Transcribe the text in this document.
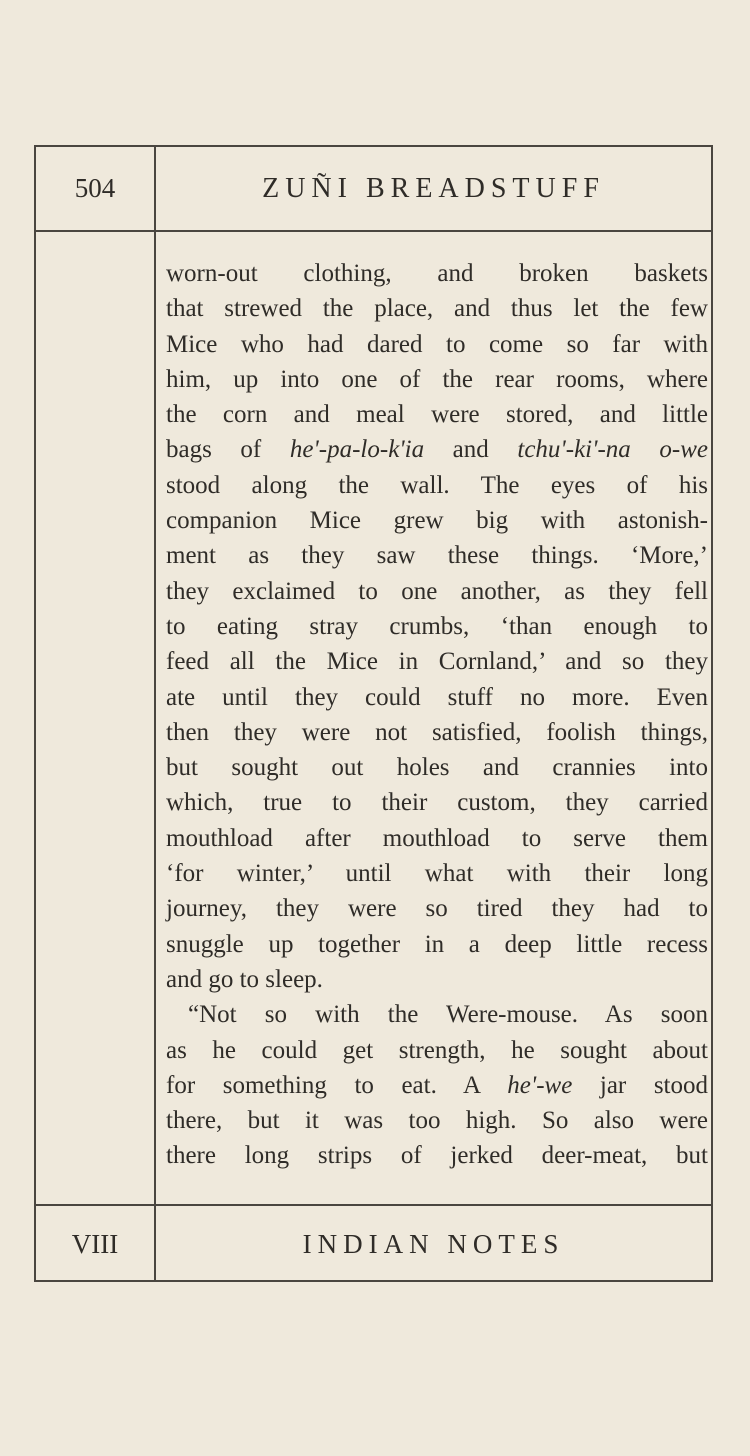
504	ZUÑI BREADSTUFF
worn-out clothing, and broken baskets
that strewed the place, and thus let the few
Mice who had dared to come so far with
him, up into one of the rear rooms, where
the corn and meal were stored, and little
bags of he'-pa-lo-k'ia and tchu'-ki'-na o-we
stood along the wall. The eyes of his
companion Mice grew big with astonish-
ment as they saw these things. ‘More,’
they exclaimed to one another, as they fell
to eating stray crumbs, ‘than enough to
feed all the Mice in Cornland,’ and so they
ate until they could stuff no more. Even
then they were not satisfied, foolish things,
but sought out holes and crannies into
which, true to their custom, they carried
mouthload after mouthload to serve them
‘for winter,’ until what with their long
journey, they were so tired they had to
snuggle up together in a deep little recess
and go to sleep.
“Not so with the Were-mouse. As soon
as he could get strength, he sought about
for something to eat. A he'-we jar stood
there, but it was too high. So also were
there long strips of jerked deer-meat, but
VIII	INDIAN NOTES
